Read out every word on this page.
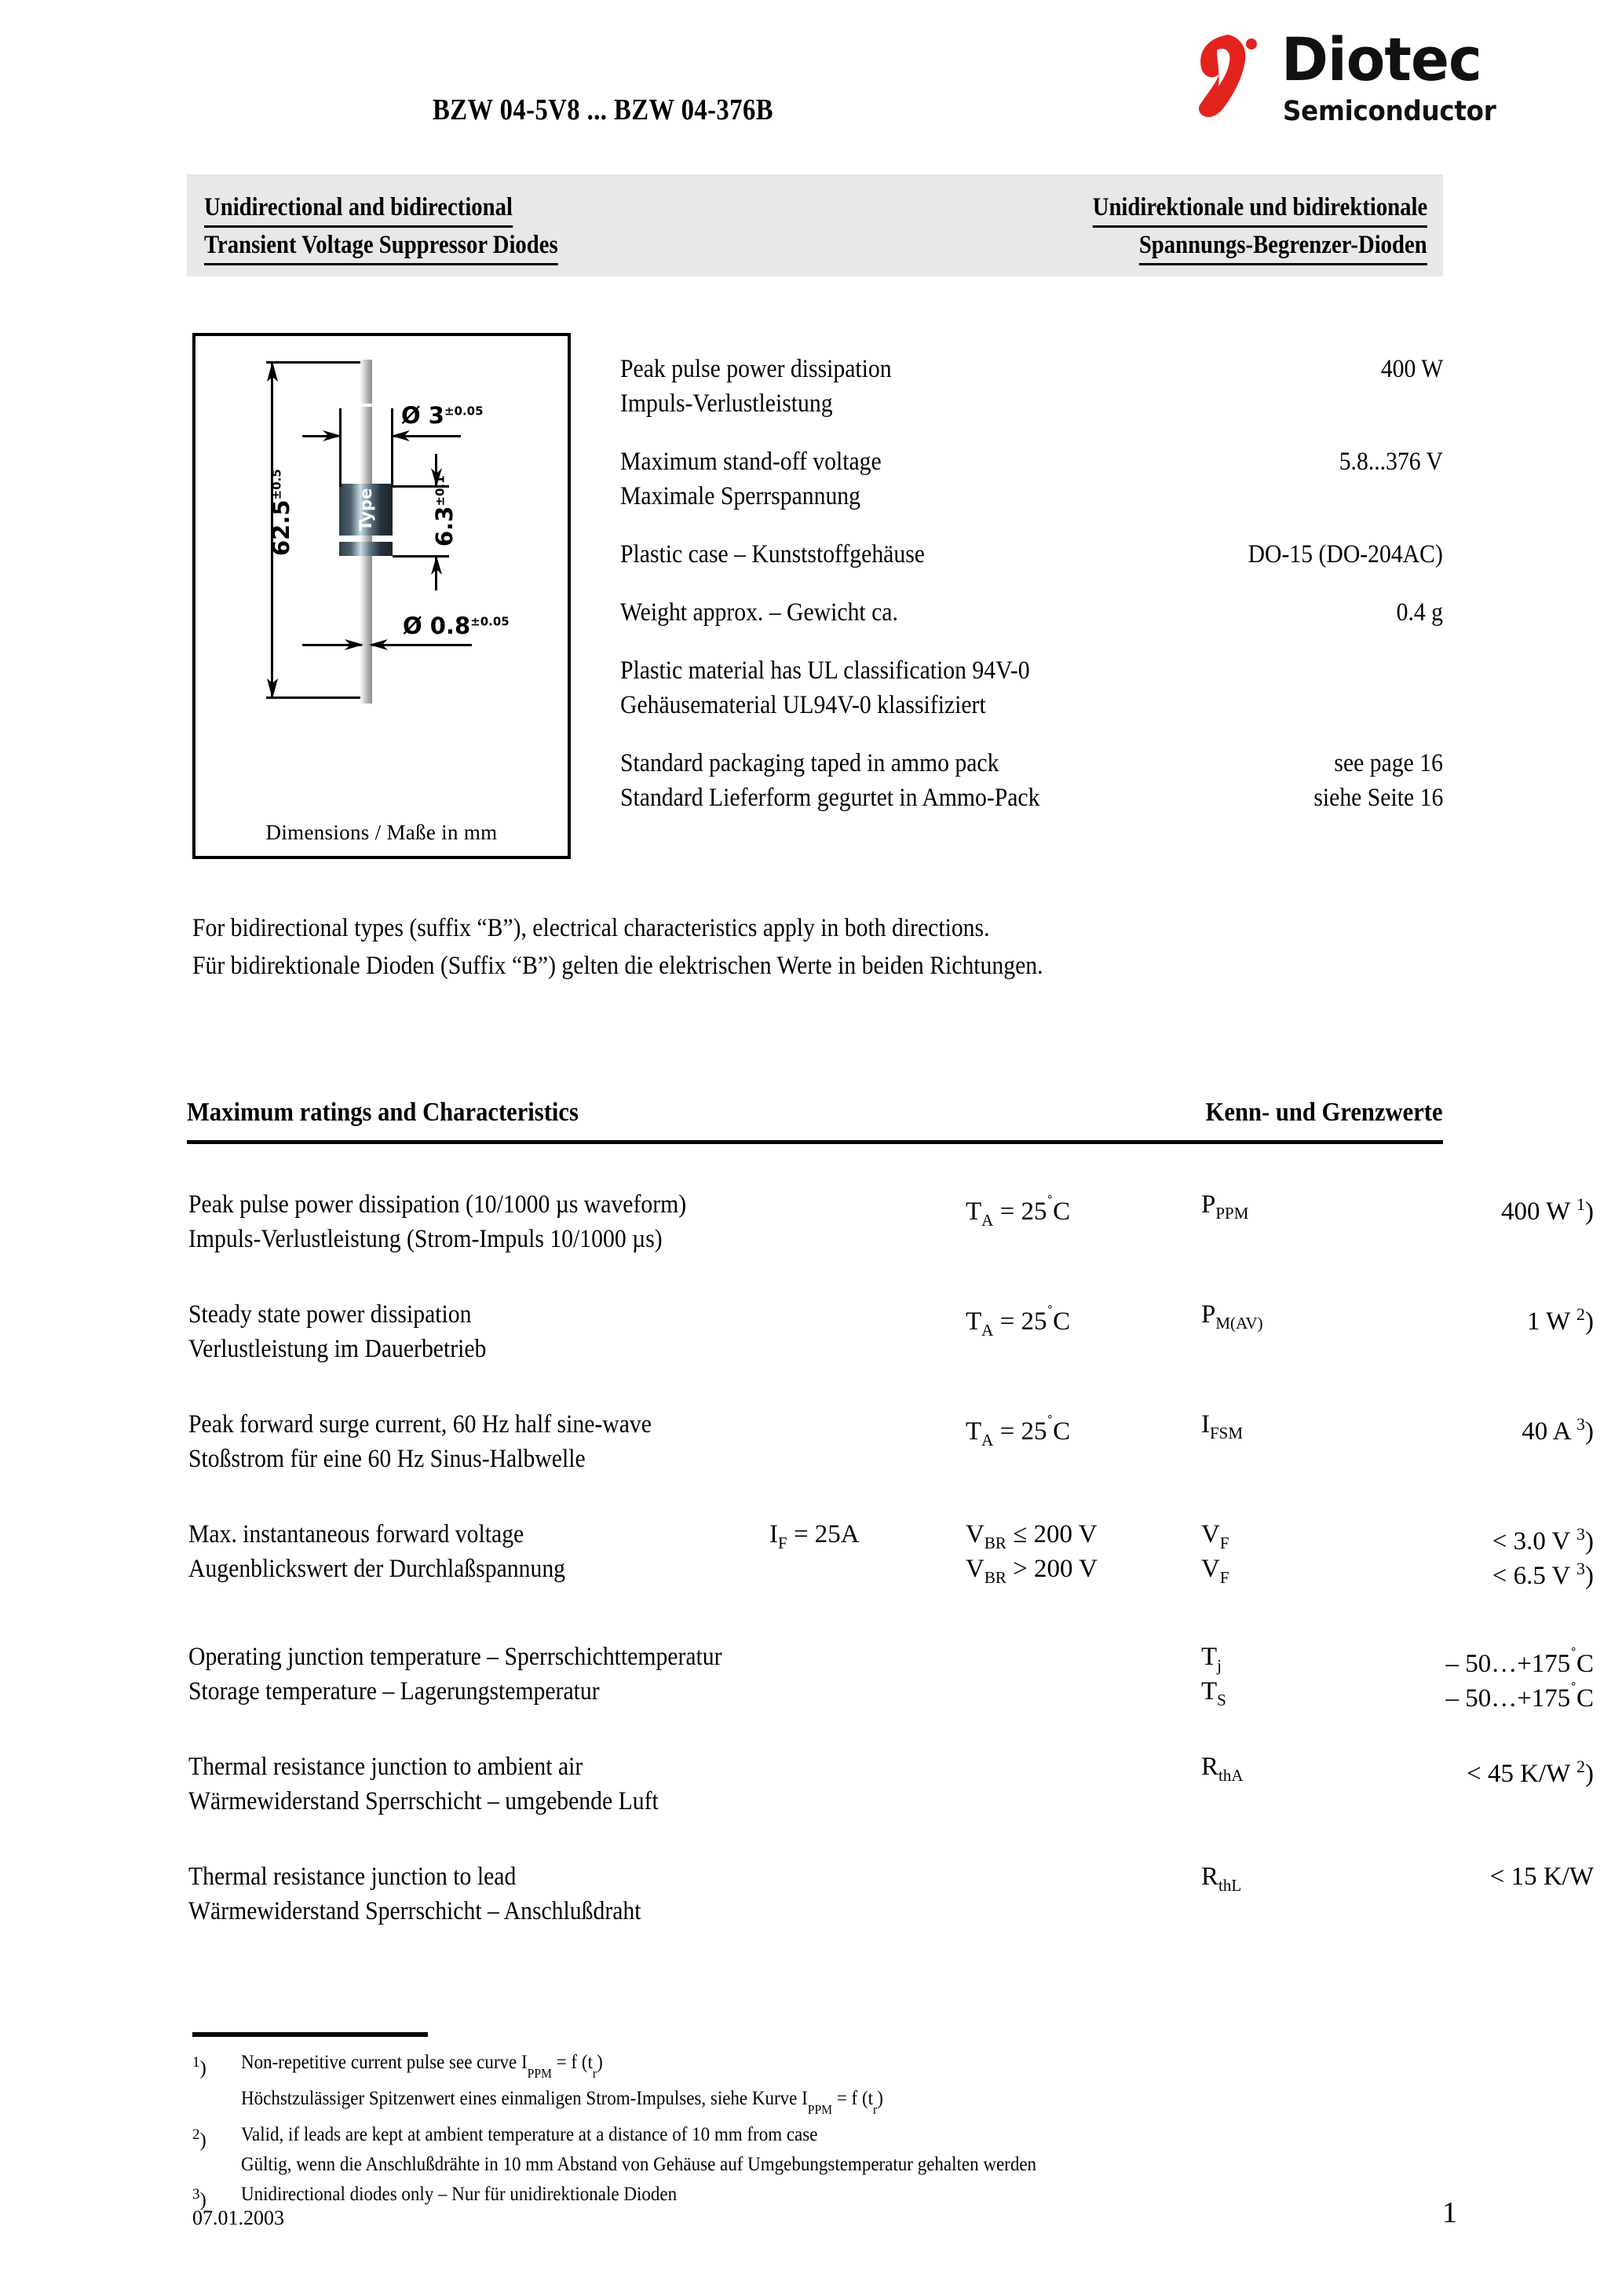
BZW 04-5V8 ... BZW 04-376B
Diotec
Semiconductor
Unidirectional and bidirectional
Transient Voltage Suppressor Diodes
Unidirektionale und bidirektionale
Spannungs-Begrenzer-Dioden
Type
$62.5^{\pm 0.5}$
Ø $3^{\pm 0.05}$
$6.3^{\pm 0.1}$
Ø $0.8^{\pm 0.05}$
Dimensions / Maße in mm
Peak pulse power dissipation
Impuls-Verlustleistung
400 W
Maximum stand-off voltage
Maximale Sperrspannung
5.8...376 V
Plastic case – Kunststoffgehäuse	DO-15 (DO-204AC)
Weight approx. – Gewicht ca.	0.4 g
Plastic material has UL classification 94V-0
Gehäusematerial UL94V-0 klassifiziert
Standard packaging taped in ammo pack
Standard Lieferform gegurtet in Ammo-Pack
see page 16
siehe Seite 16
For bidirectional types (suffix “B”), electrical characteristics apply in both directions.
Für bidirektionale Dioden (Suffix “B”) gelten die elektrischen Werte in beiden Richtungen.
Maximum ratings and Characteristics	Kenn- und Grenzwerte
Peak pulse power dissipation (10/1000 µs waveform)
Impuls-Verlustleistung (Strom-Impuls 10/1000 µs)
$T_A = 25^˚C$	$P_{PPM}$	400 W $^1$)
Steady state power dissipation
Verlustleistung im Dauerbetrieb
$T_A = 25^˚C$	$P_{M(AV)}$	1 W $^2$)
Peak forward surge current, 60 Hz half sine-wave
Stoßstrom für eine 60 Hz Sinus-Halbwelle
$T_A = 25^˚C$	$I_{FSM}$	40 A $^3$)
Max. instantaneous forward voltage
Augenblickswert der Durchlaßspannung
$I_F = 25A$	$V_{BR} \le 200$ V	$V_F$	< 3.0 V $^3$)
$V_{BR} > 200$ V	$V_F$	< 6.5 V $^3$)
Operating junction temperature – Sperrschichttemperatur	$T_j$	– 50…+175˚C
Storage temperature – Lagerungstemperatur	$T_S$	– 50…+175˚C
Thermal resistance junction to ambient air
Wärmewiderstand Sperrschicht – umgebende Luft
$R_{thA}$	< 45 K/W $^2$)
Thermal resistance junction to lead
Wärmewiderstand Sperrschicht – Anschlußdraht
$R_{thL}$	< 15 K/W
$^1$)	Non-repetitive current pulse see curve $I_{PPM} = f$ $(t_r)$
Höchstzulässiger Spitzenwert eines einmaligen Strom-Impulses, siehe Kurve $I_{PPM} = f$ $(t_r)$
$^2$)	Valid, if leads are kept at ambient temperature at a distance of 10 mm from case
Gültig, wenn die Anschlußdrähte in 10 mm Abstand von Gehäuse auf Umgebungstemperatur gehalten werden
$^3$)	Unidirectional diodes only – Nur für unidirektionale Dioden
07.01.2003	1
